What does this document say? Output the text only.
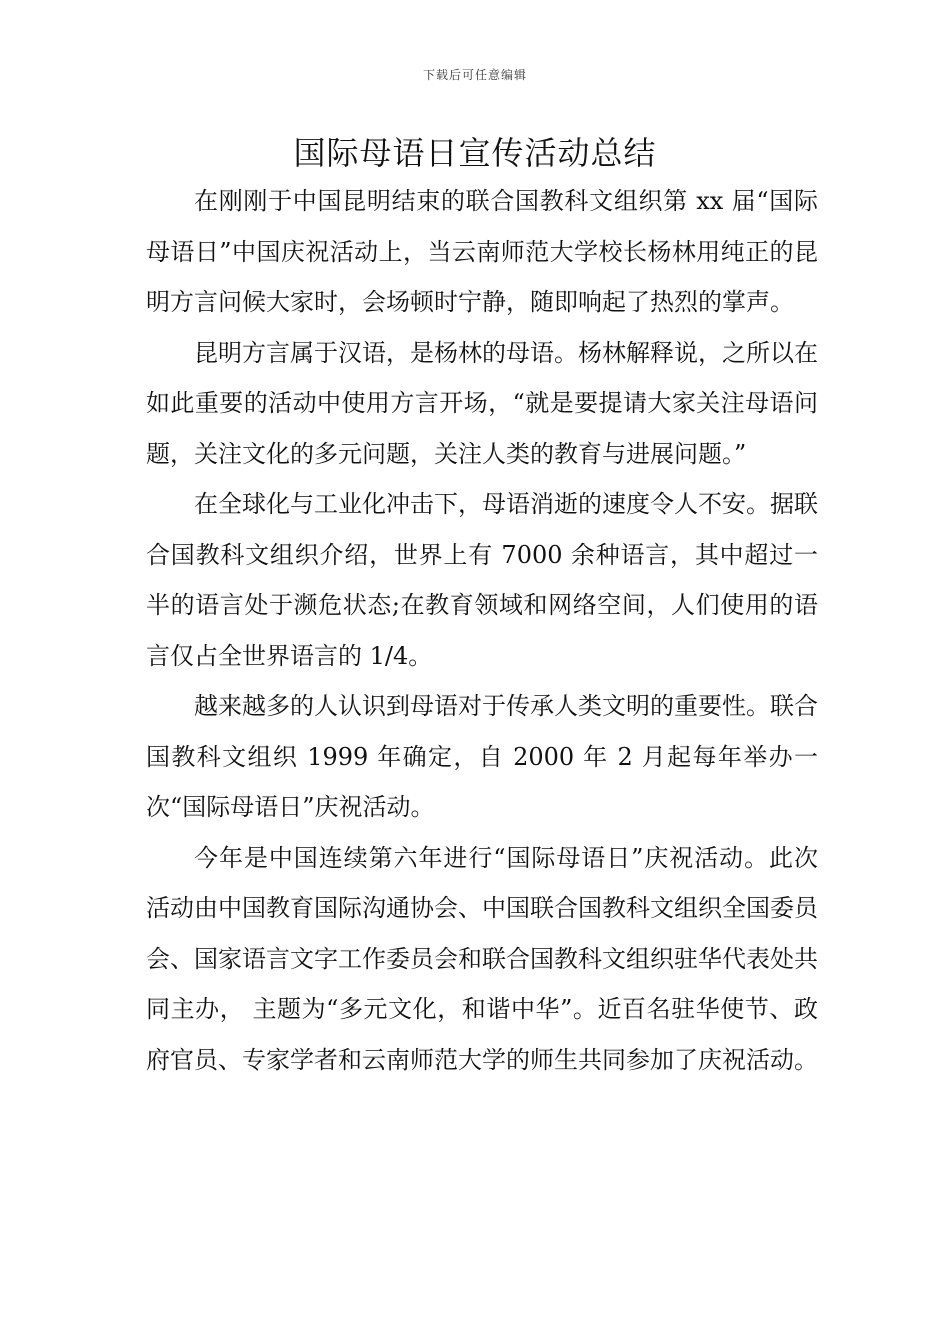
下载后可任意编辑
国际母语日宣传活动总结

在刚刚于中国昆明结束的联合国教科文组织第 xx 届“国际母语日”中国庆祝活动上，当云南师范大学校长杨林用纯正的昆明方言问候大家时，会场顿时宁静，随即响起了热烈的掌声。

昆明方言属于汉语，是杨林的母语。杨林解释说，之所以在如此重要的活动中使用方言开场，“就是要提请大家关注母语问题，关注文化的多元问题，关注人类的教育与进展问题。”

在全球化与工业化冲击下，母语消逝的速度令人不安。据联合国教科文组织介绍，世界上有 7000 余种语言，其中超过一半的语言处于濒危状态;在教育领域和网络空间，人们使用的语言仅占全世界语言的 1/4。

越来越多的人认识到母语对于传承人类文明的重要性。联合国教科文组织 1999 年确定，自 2000 年 2 月起每年举办一次“国际母语日”庆祝活动。

今年是中国连续第六年进行“国际母语日”庆祝活动。此次活动由中国教育国际沟通协会、中国联合国教科文组织全国委员会、国家语言文字工作委员会和联合国教科文组织驻华代表处共同主办， 主题为“多元文化，和谐中华”。近百名驻华使节、政府官员、专家学者和云南师范大学的师生共同参加了庆祝活动。
